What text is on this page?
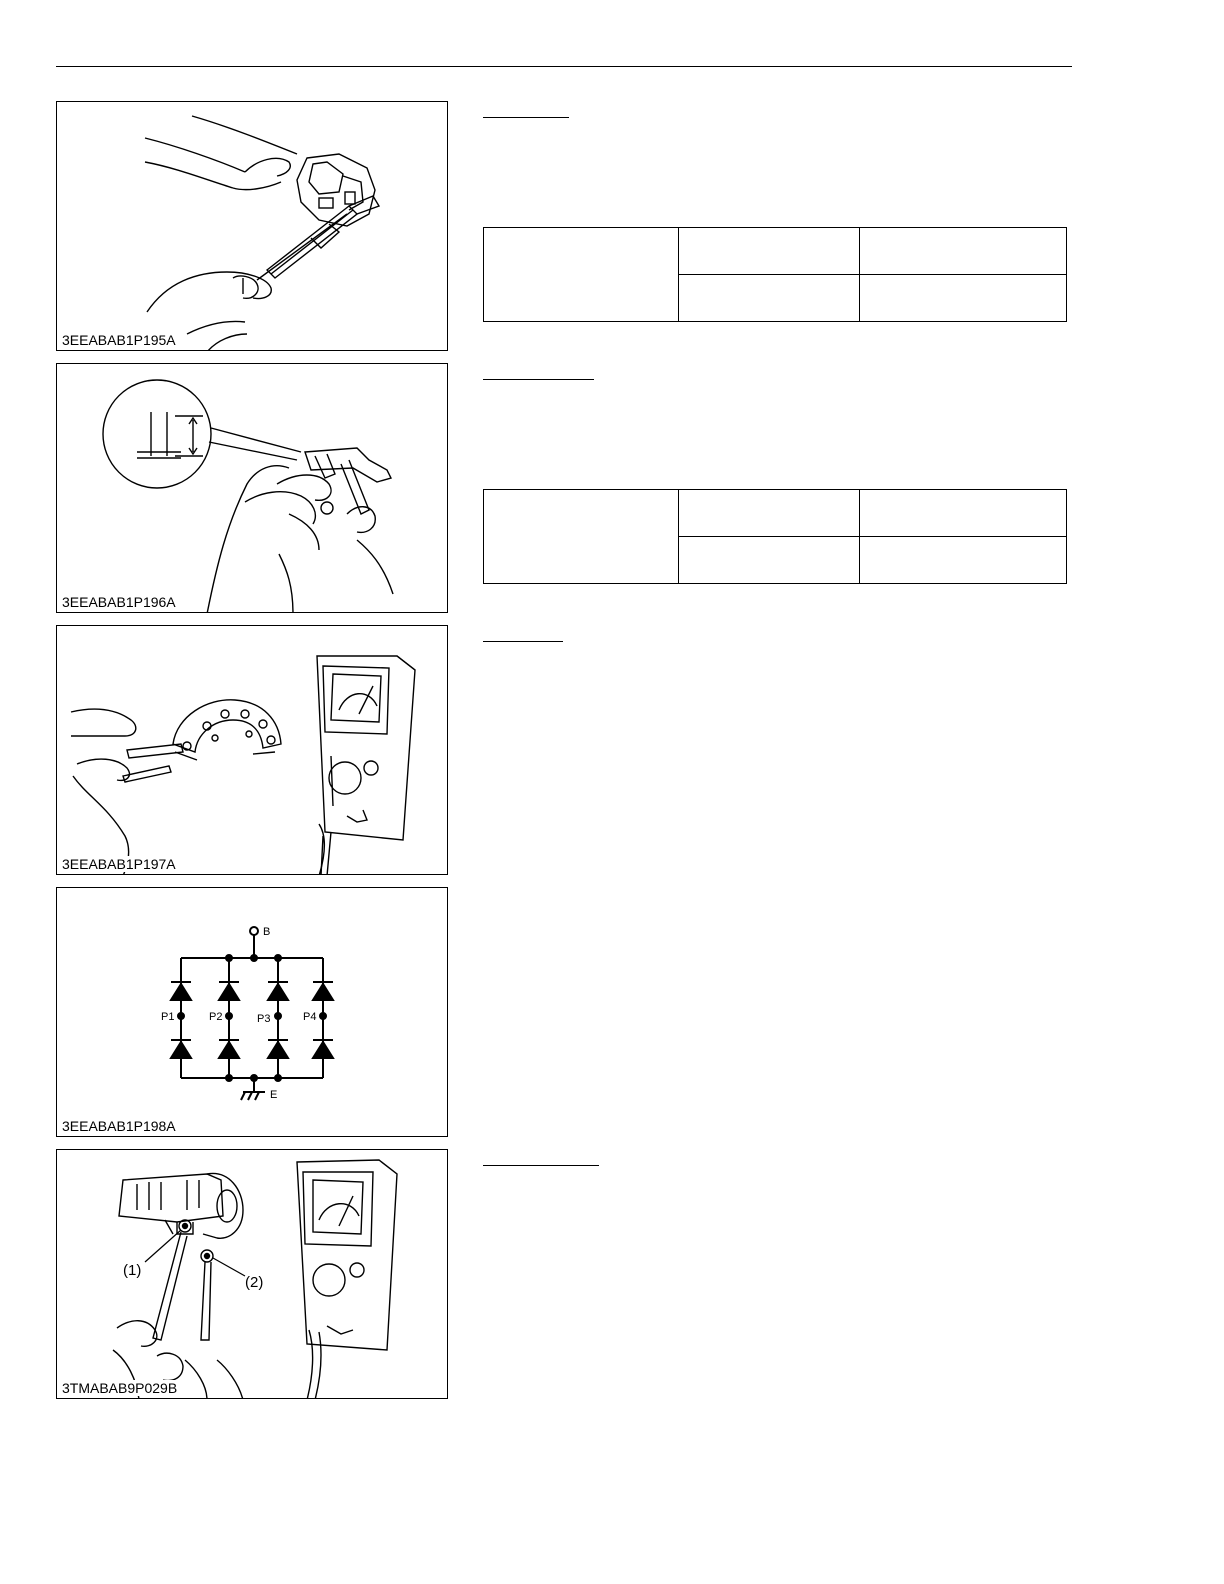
3EEABAB1P195A
3EEABAB1P196A
3EEABAB1P197A
B
E
P1	P2	P3	P4
3EEABAB1P198A
(1)
(2)
3TMABAB9P029B
